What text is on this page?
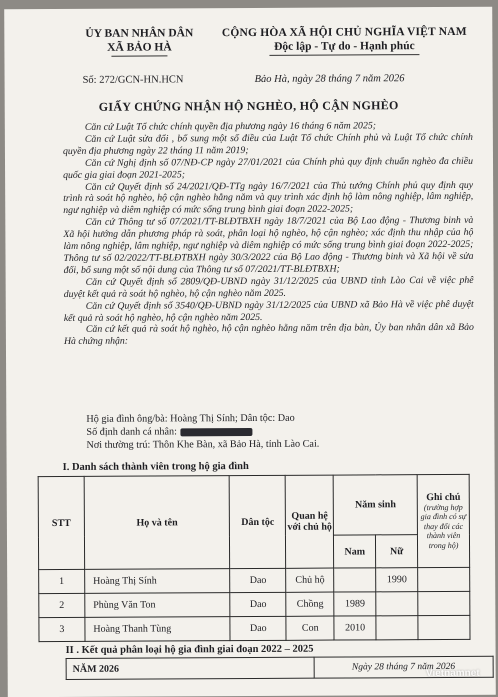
ỦY BAN NHÂN DÂN
XÃ BẢO HÀ
CỘNG HÒA XÃ HỘI CHỦ NGHĨA VIỆT NAM
Độc lập - Tự do - Hạnh phúc
Số: 272/GCN-HN.HCN	Bảo Hà, ngày 28 tháng 7 năm 2026
GIẤY CHỨNG NHẬN HỘ NGHÈO, HỘ CẬN NGHÈO

Căn cứ Luật Tổ chức chính quyền địa phương ngày 16 tháng 6 năm 2025;

Căn cứ Luật sửa đổi , bổ sung một số điều của Luật Tổ chức Chính phủ và Luật Tổ chức chính quyền địa phương ngày 22 tháng 11 năm 2019;

Căn cứ Nghị định số 07/NĐ-CP ngày 27/01/2021 của Chính phủ quy định chuẩn nghèo đa chiều quốc gia giai đoạn 2021-2025;

Căn cứ Quyết định số 24/2021/QĐ-TTg ngày 16/7/2021 của Thủ tướng Chính phủ quy định quy trình rà soát hộ nghèo, hộ cận nghèo hằng năm và quy trình xác định hộ làm nông nghiệp, lâm nghiệp, ngư nghiệp và diêm nghiệp có mức sống trung bình giai đoạn 2022-2025;

Căn cứ Thông tư số 07/2021/TT-BLĐTBXH ngày 18/7/2021 của Bộ Lao động - Thương binh và Xã hội hướng dẫn phương pháp rà soát, phân loại hộ nghèo, hộ cận nghèo; xác định thu nhập của hộ làm nông nghiệp, lâm nghiệp, ngư nghiệp và diêm nghiệp có mức sống trung bình giai đoạn 2022-2025; Thông tư số 02/2022/TT-BLĐTBXH ngày 30/3/2022 của Bộ Lao động - Thương binh và Xã hội về sửa đổi, bổ sung một số nội dung của Thông tư số 07/2021/TT-BLĐTBXH;

Căn cứ Quyết định số 2809/QĐ-UBND ngày 31/12/2025 của UBND tỉnh Lào Cai về việc phê duyệt kết quả rà soát hộ nghèo, hộ cận nghèo năm 2025.

Căn cứ Quyết định số 3540/QĐ-UBND ngày 31/12/2025 của UBND xã Bảo Hà về việc phê duyệt kết quả rà soát hộ nghèo, hộ cận nghèo năm 2025.

Căn cứ kết quả rà soát hộ nghèo, hộ cận nghèo hằng năm trên địa bàn, Ủy ban nhân dân xã Bảo Hà chứng nhận:

Hộ gia đình ông/bà: Hoàng Thị Sính; Dân tộc: Dao

Số định danh cá nhân:

Nơi thường trú: Thôn Khe Bàn, xã Bảo Hà, tỉnh Lào Cai.

I. Danh sách thành viên trong hộ gia đình
STT	Họ và tên	Dân tộc	Quan hệ với chủ hộ	Năm sinh		Ghi chú
(trường hợp gia đình có sự thay đổi các thành viên trong hộ)

				Nam	Nữ	
1	Hoàng Thị Sính	Dao	Chủ hộ		1990	
2	Phùng Văn Ton	Dao	Chồng	1989		
3	Hoàng Thanh Tùng	Dao	Con	2010		
II . Kết quả phân loại hộ gia đình giai đoạn 2022 – 2025
NĂM 2026	Ngày 28 tháng 7 năm 2026
Vietnamnet
